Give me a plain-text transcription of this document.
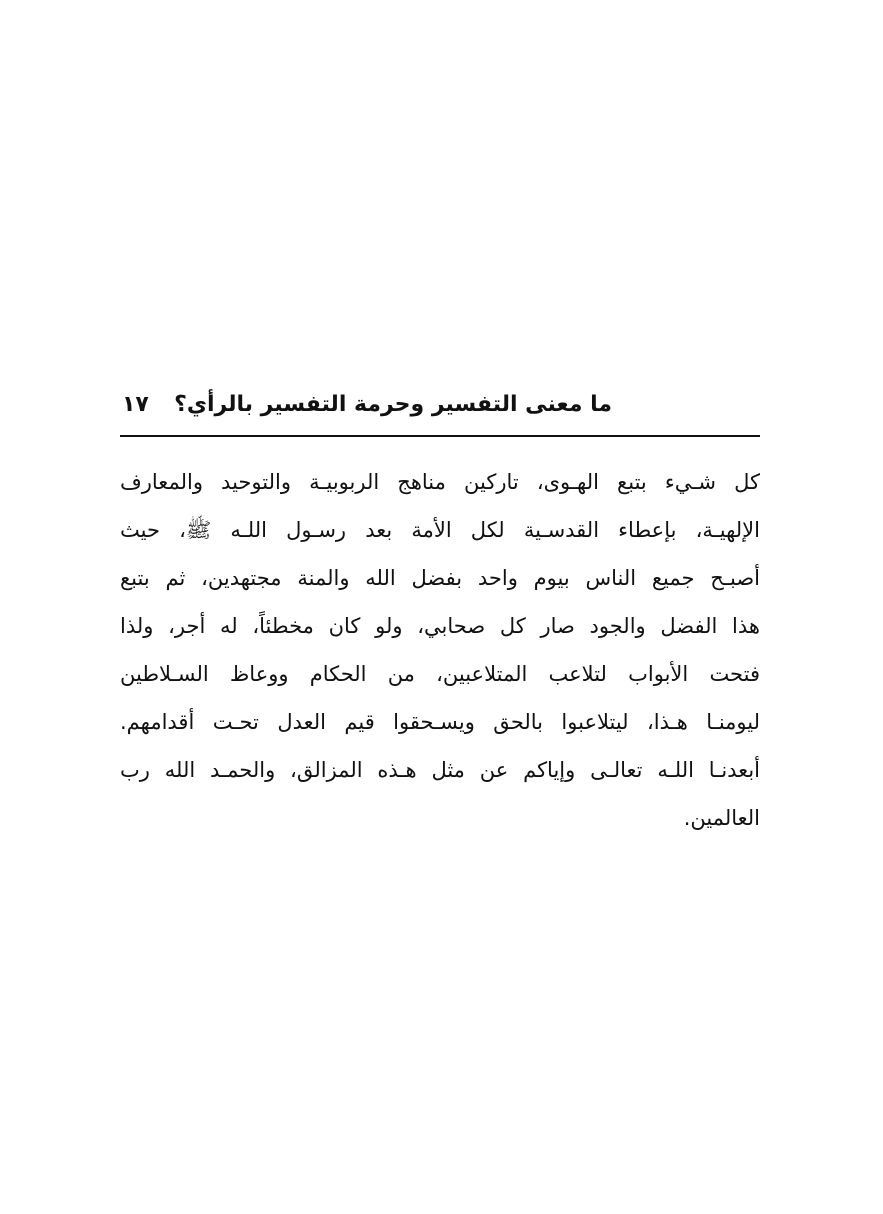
ما معنى التفسير وحرمة التفسير بالرأي؟
١٧
كل شـيء بتبع الهـوى، تاركين مناهج الربوبيـة والتوحيد والمعارف
الإلهيـة، بإعطاء القدسـية لكل الأمة بعد رسـول اللـه ﷺ، حيث
أصبـح جميع الناس بيوم واحد بفضل الله والمنة مجتهدين، ثم بتبع
هذا الفضل والجود صار كل صحابي، ولو كان مخطئاً، له أجر، ولذا
فتحت الأبواب لتلاعب المتلاعبين، من الحكام ووعاظ السـلاطين
ليومنـا هـذا، ليتلاعبوا بالحق ويسـحقوا قيم العدل تحـت أقدامهم.
أبعدنـا اللـه تعالـى وإياكم عن مثل هـذه المزالق، والحمـد الله رب
العالمين.
